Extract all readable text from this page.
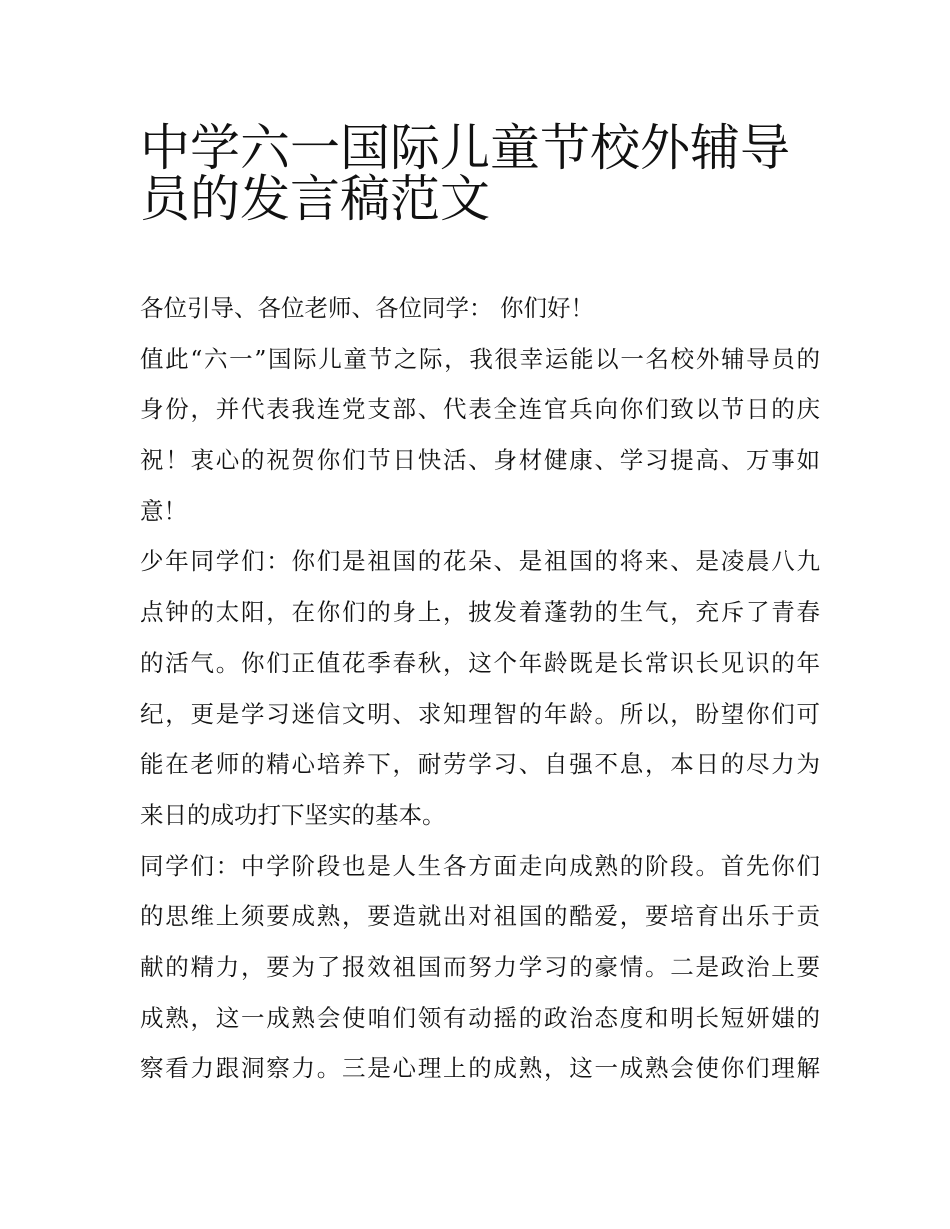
中学六一国际儿童节校外辅导
员的发言稿范文
各位引导、各位老师、各位同学： 你们好！
值此“六一”国际儿童节之际，我很幸运能以一名校外辅导员的
身份，并代表我连党支部、代表全连官兵向你们致以节日的庆
祝！衷心的祝贺你们节日快活、身材健康、学习提高、万事如
意！
少年同学们：你们是祖国的花朵、是祖国的将来、是凌晨八九
点钟的太阳，在你们的身上，披发着蓬勃的生气，充斥了青春
的活气。你们正值花季春秋，这个年龄既是长常识长见识的年
纪，更是学习迷信文明、求知理智的年龄。所以，盼望你们可
能在老师的精心培养下，耐劳学习、自强不息，本日的尽力为
来日的成功打下坚实的基本。
同学们：中学阶段也是人生各方面走向成熟的阶段。首先你们
的思维上须要成熟，要造就出对祖国的酷爱，要培育出乐于贡
献的精力，要为了报效祖国而努力学习的豪情。二是政治上要
成熟，这一成熟会使咱们领有动摇的政治态度和明长短妍媸的
察看力跟洞察力。三是心理上的成熟，这一成熟会使你们理解
